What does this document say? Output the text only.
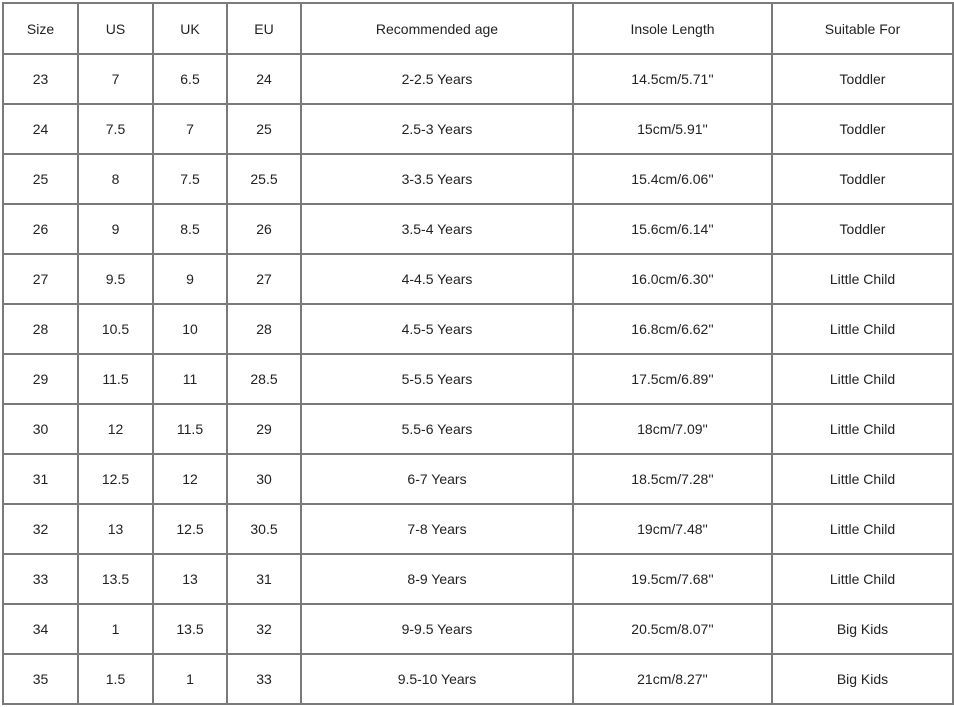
Size	US	UK	EU	Recommended age	Insole Length	Suitable For
23	7	6.5	24	2-2.5 Years	14.5cm/5.71''	Toddler
24	7.5	7	25	2.5-3 Years	15cm/5.91''	Toddler
25	8	7.5	25.5	3-3.5 Years	15.4cm/6.06''	Toddler
26	9	8.5	26	3.5-4 Years	15.6cm/6.14''	Toddler
27	9.5	9	27	4-4.5 Years	16.0cm/6.30''	Little Child
28	10.5	10	28	4.5-5 Years	16.8cm/6.62''	Little Child
29	11.5	11	28.5	5-5.5 Years	17.5cm/6.89''	Little Child
30	12	11.5	29	5.5-6 Years	18cm/7.09''	Little Child
31	12.5	12	30	6-7 Years	18.5cm/7.28''	Little Child
32	13	12.5	30.5	7-8 Years	19cm/7.48''	Little Child
33	13.5	13	31	8-9 Years	19.5cm/7.68''	Little Child
34	1	13.5	32	9-9.5 Years	20.5cm/8.07''	Big Kids
35	1.5	1	33	9.5-10 Years	21cm/8.27''	Big Kids
